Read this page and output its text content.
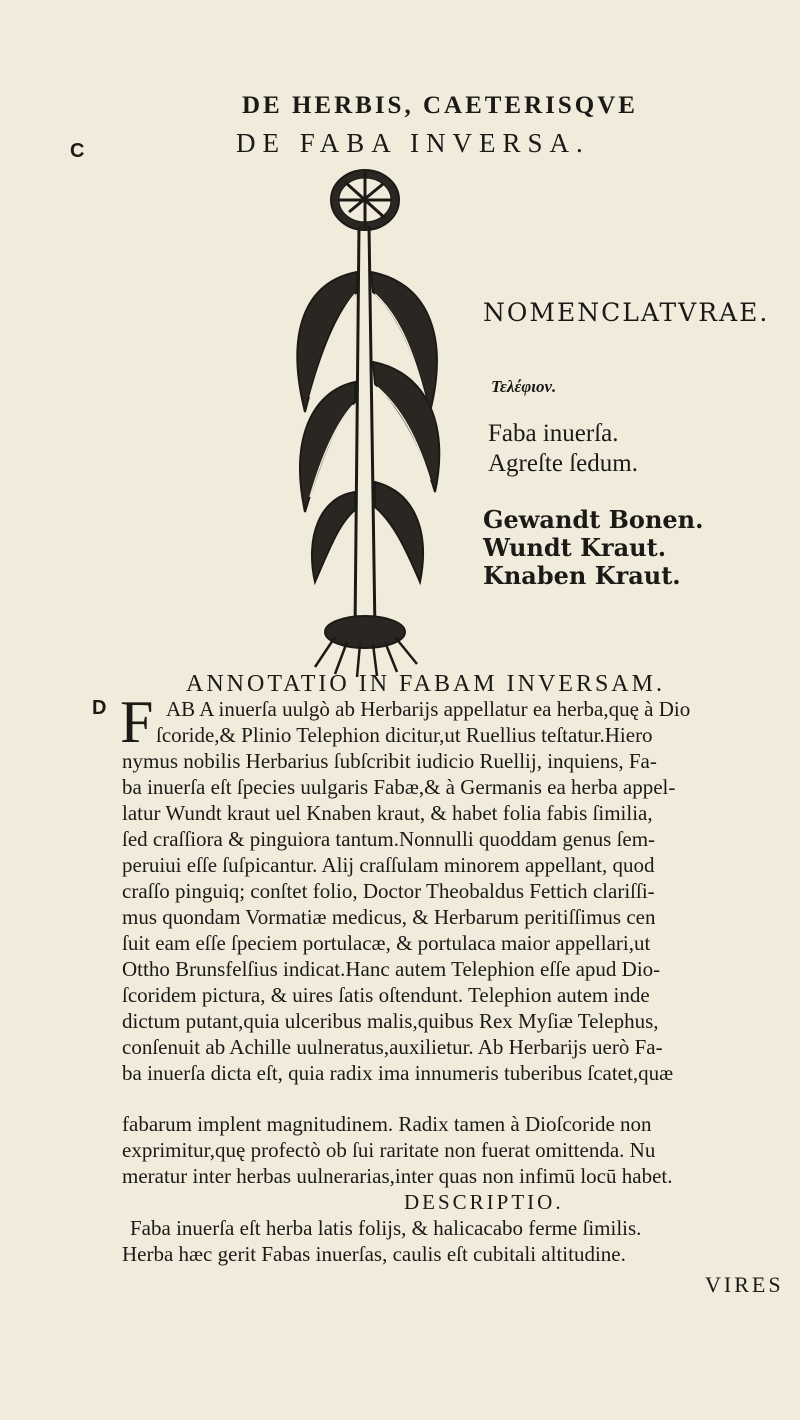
DE HERBIS, CAETERISQVE
DE FABA INVERSA.
C
D
NOMENCLATVRAE.
Τελέφιον.
Faba inuerſa.
Agreſte ſedum.
Gewandt Bonen.
Wundt Kraut.
Knaben Kraut.
ANNOTATIO IN FABAM INVERSAM.
F AB A inuerſa uulgò ab Herbarijs appellatur ea herba,quę à Dio
ſcoride,& Plinio Telephion dicitur,ut Ruellius teſtatur.Hiero
nymus nobilis Herbarius ſubſcribit iudicio Ruellij, inquiens, Fa-
ba inuerſa eſt ſpecies uulgaris Fabæ,& à Germanis ea herba appel-
latur Wundt kraut uel Knaben kraut, & habet folia fabis ſimilia,
ſed craſſiora & pinguiora tantum.Nonnulli quoddam genus ſem-
peruiui eſſe ſuſpicantur. Alij craſſulam minorem appellant, quod
craſſo pinguiq; conſtet folio, Doctor Theobaldus Fettich clariſſi-
mus quondam Vormatiæ medicus, & Herbarum peritiſſimus cen
ſuit eam eſſe ſpeciem portulacæ, & portulaca maior appellari,ut
Ottho Brunsfelſius indicat.Hanc autem Telephion eſſe apud Dio-
ſcoridem pictura, & uires ſatis oſtendunt. Telephion autem inde
dictum putant,quia ulceribus malis,quibus Rex Myſiæ Telephus,
conſenuit ab Achille uulneratus,auxilietur. Ab Herbarijs uerò Fa-
ba inuerſa dicta eſt, quia radix ima innumeris tuberibus ſcatet,quæ
DESCRIPTIO.
fabarum implent magnitudinem. Radix tamen à Dioſcoride non
exprimitur,quę profectò ob ſui raritate non fuerat omittenda. Nu
meratur inter herbas uulnerarias,inter quas non infimū locū habet.
Faba inuerſa eſt herba latis folijs, & halicacabo ferme ſimilis.
Herba hæc gerit Fabas inuerſas, caulis eſt cubitali altitudine.
VIRES
